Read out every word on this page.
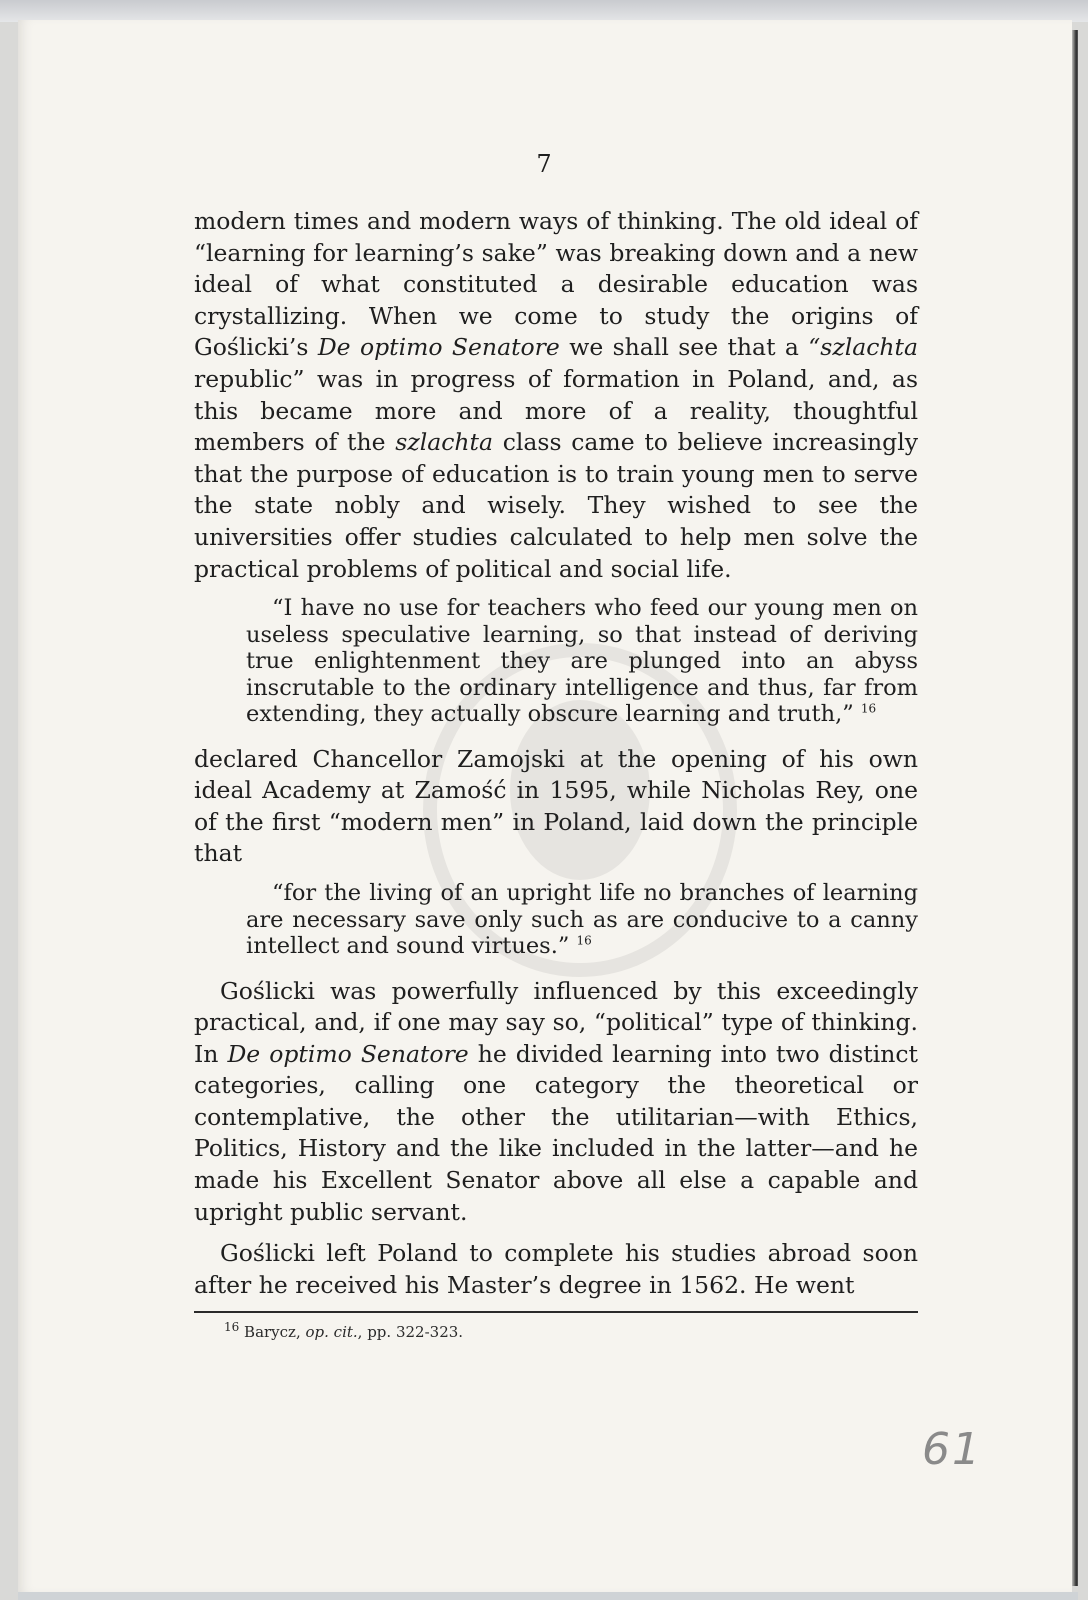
7

modern times and modern ways of thinking. The old ideal of “learning for learning’s sake” was breaking down and a new ideal of what constituted a desirable education was crystallizing. When we come to study the origins of Goślicki’s De optimo Senatore we shall see that a “szlachta republic” was in progress of formation in Poland, and, as this became more and more of a reality, thoughtful members of the szlachta class came to believe increasingly that the purpose of education is to train young men to serve the state nobly and wisely. They wished to see the universities offer studies calculated to help men solve the practical problems of political and social life.

“I have no use for teachers who feed our young men on useless speculative learning, so that instead of deriving true enlightenment they are plunged into an abyss inscrutable to the ordinary intelligence and thus, far from extending, they actually obscure learning and truth,” $^{16}$

declared Chancellor Zamojski at the opening of his own ideal Academy at Zamość in 1595, while Nicholas Rey, one of the first “modern men” in Poland, laid down the principle that

“for the living of an upright life no branches of learning are necessary save only such as are conducive to a canny intellect and sound virtues.” $^{16}$

Goślicki was powerfully influenced by this exceedingly practical, and, if one may say so, “political” type of thinking. In De optimo Senatore he divided learning into two distinct categories, calling one category the theoretical or contemplative, the other the utilitarian—with Ethics, Politics, History and the like included in the latter—and he made his Excellent Senator above all else a capable and upright public servant.

Goślicki left Poland to complete his studies abroad soon after he received his Master’s degree in 1562. He went

$^{16}$ Barycz, op. cit., pp. 322-323.
61
